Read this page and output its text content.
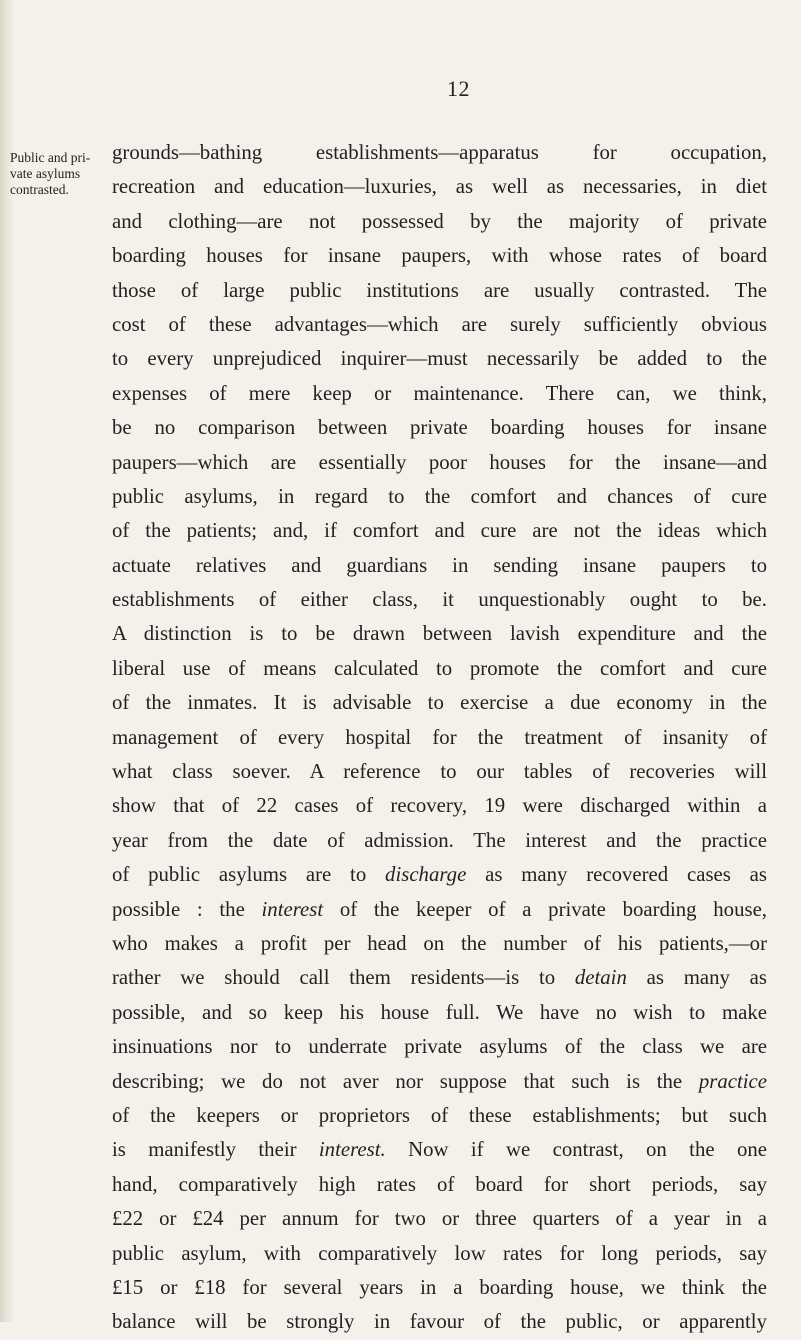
12
Public and pri-
vate asylums
contrasted.
grounds—bathing establishments—apparatus for occupation,
recreation and education—luxuries, as well as necessaries, in diet
and clothing—are not possessed by the majority of private
boarding houses for insane paupers, with whose rates of board
those of large public institutions are usually contrasted. The
cost of these advantages—which are surely sufficiently obvious
to every unprejudiced inquirer—must necessarily be added to the
expenses of mere keep or maintenance. There can, we think,
be no comparison between private boarding houses for insane
paupers—which are essentially poor houses for the insane—and
public asylums, in regard to the comfort and chances of cure
of the patients; and, if comfort and cure are not the ideas which
actuate relatives and guardians in sending insane paupers to
establishments of either class, it unquestionably ought to be.
A distinction is to be drawn between lavish expenditure and the
liberal use of means calculated to promote the comfort and cure
of the inmates. It is advisable to exercise a due economy in the
management of every hospital for the treatment of insanity of
what class soever. A reference to our tables of recoveries will
show that of 22 cases of recovery, 19 were discharged within a
year from the date of admission. The interest and the practice
of public asylums are to discharge as many recovered cases as
possible : the interest of the keeper of a private boarding house,
who makes a profit per head on the number of his patients,—or
rather we should call them residents—is to detain as many as
possible, and so keep his house full. We have no wish to make
insinuations nor to underrate private asylums of the class we are
describing; we do not aver nor suppose that such is the practice
of the keepers or proprietors of these establishments; but such
is manifestly their interest. Now if we contrast, on the one
hand, comparatively high rates of board for short periods, say
£22 or £24 per annum for two or three quarters of a year in a
public asylum, with comparatively low rates for long periods, say
£15 or £18 for several years in a boarding house, we think the
balance will be strongly in favour of the public, or apparently
